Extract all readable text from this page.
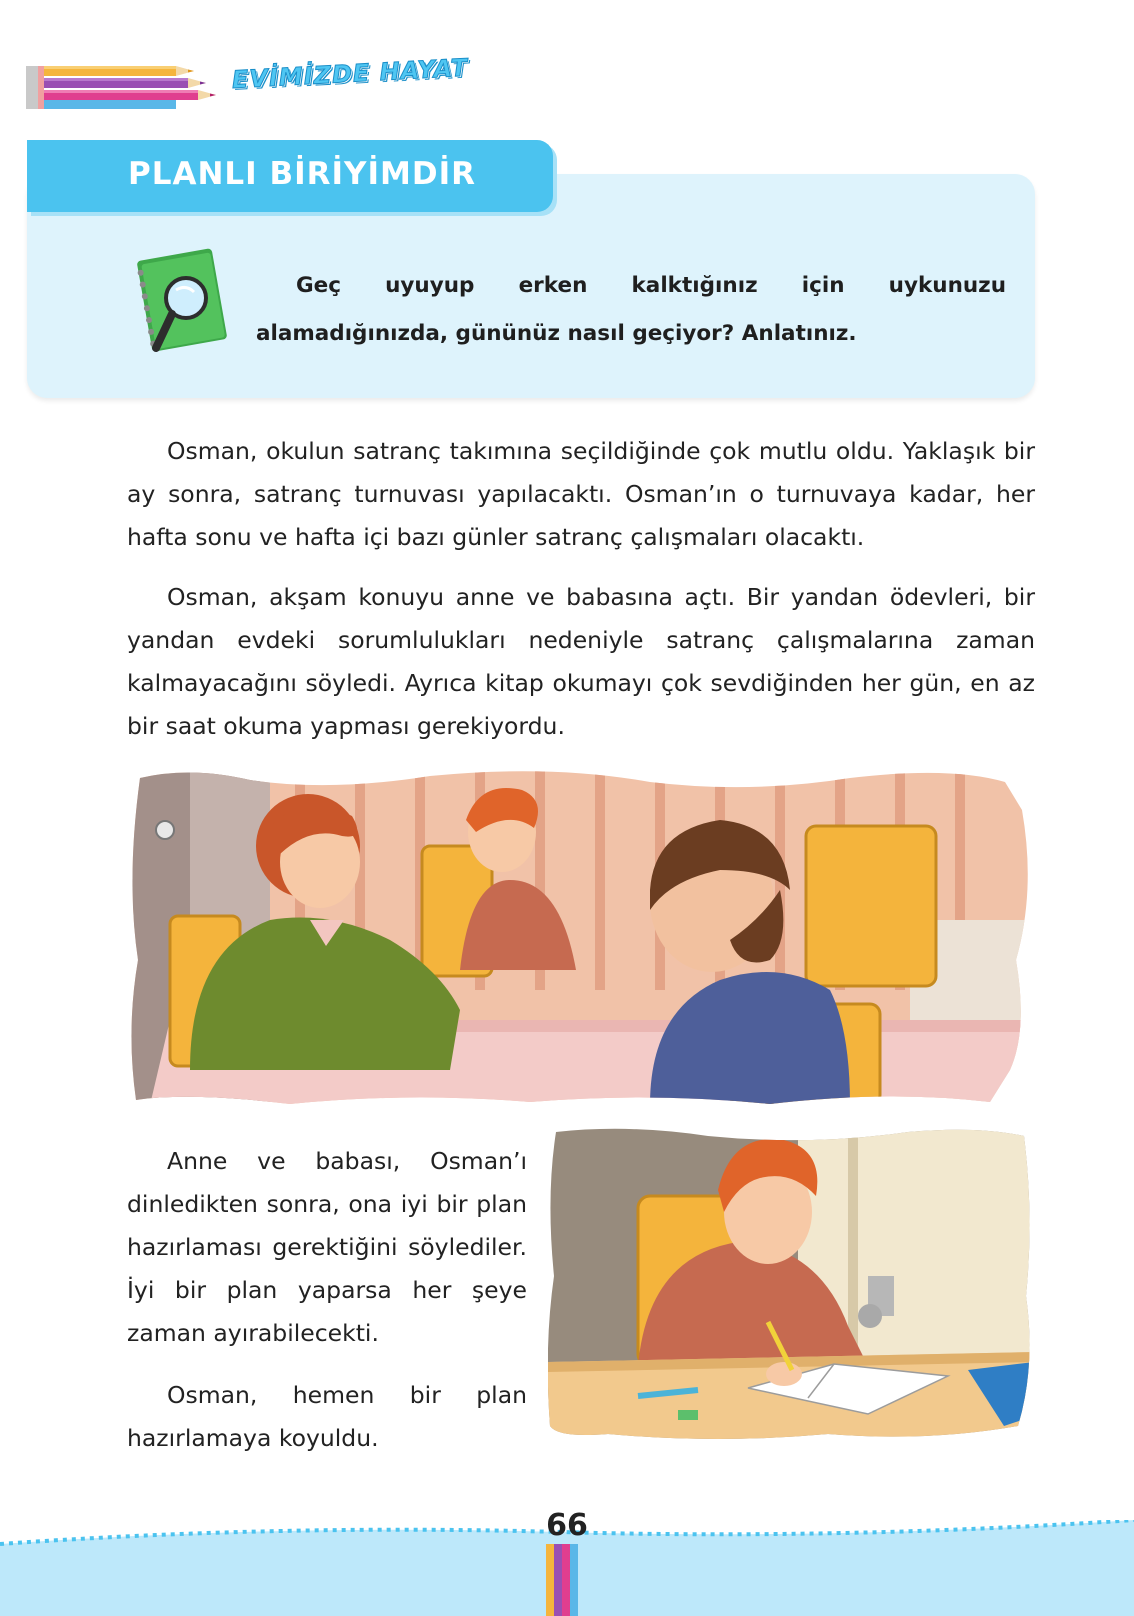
EVİMİZDE HAYAT
PLANLI BİRİYİMDİR

Geç uyuyup erken kalktığınız için uykunuzu alamadığınızda, gününüz nasıl geçiyor? Anlatınız.

Osman, okulun satranç takımına seçildiğinde çok mutlu oldu. Yaklaşık bir ay sonra, satranç turnuvası yapılacaktı. Osman’ın o turnuvaya kadar, her hafta sonu ve hafta içi bazı günler satranç çalışmaları olacaktı.

Osman, akşam konuyu anne ve babasına açtı. Bir yandan ödevleri, bir yandan evdeki sorumlulukları nedeniyle satranç çalışmalarına zaman kalmayacağını söyledi. Ayrıca kitap okumayı çok sevdiğinden her gün, en az bir saat okuma yapması gerekiyordu.

Anne ve babası, Osman’ı dinledikten sonra, ona iyi bir plan hazırlaması gerektiğini söylediler. İyi bir plan yaparsa her şeye zaman ayırabilecekti.

Osman, hemen bir plan hazırlamaya koyuldu.

66
